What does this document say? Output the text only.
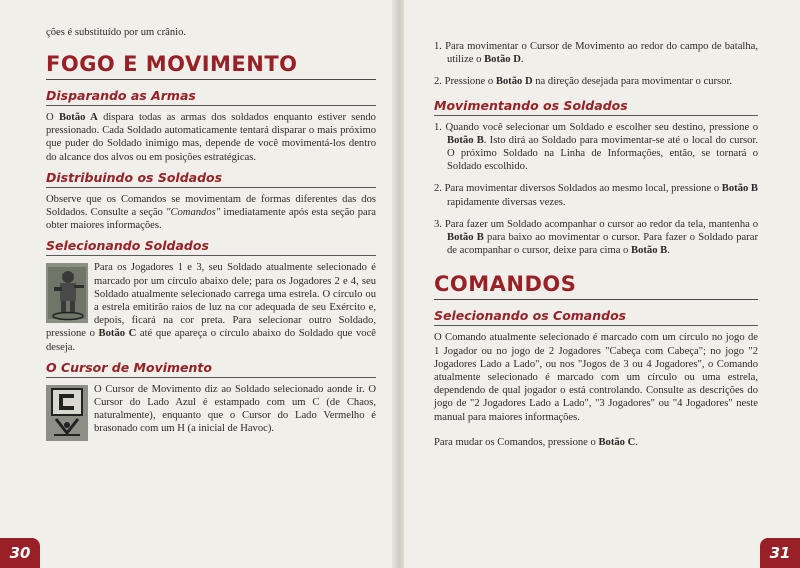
ções é substituído por um crânio.

FOGO E MOVIMENTO
Disparando as Armas

O Botão A dispara todas as armas dos soldados enquanto estiver sendo pressionado. Cada Soldado automaticamente tentará disparar o mais próximo que puder do Soldado inimigo mas, depende de você movimentá-los dentro do alcance dos alvos ou em posições estratégicas.

Distribuindo os Soldados

Observe que os Comandos se movimentam de formas diferentes das dos Soldados. Consulte a seção "Comandos" imediatamente após esta seção para obter maiores informações.

Selecionando Soldados

Para os Jogadores 1 e 3, seu Soldado atualmente selecionado é marcado por um círculo abaixo dele; para os Jogadores 2 e 4, seu Soldado atualmente selecionado carrega uma estrela. O círculo ou a estrela emitirão raios de luz na cor adequada de seu Exército e, depois, ficará na cor preta. Para selecionar outro Soldado, pressione o Botão C até que apareça o círculo abaixo do Soldado que você deseja.

O Cursor de Movimento

O Cursor de Movimento diz ao Soldado selecionado aonde ir. O Cursor do Lado Azul é estampado com um C (de Chaos, naturalmente), enquanto que o Cursor do Lado Vermelho é brasonado com um H (a inicial de Havoc).

30
1. Para movimentar o Cursor de Movimento ao redor do campo de batalha, utilize o Botão D.
2. Pressione o Botão D na direção desejada para movimentar o cursor.
Movimentando os Soldados
1. Quando você selecionar um Soldado e escolher seu destino, pressione o Botão B. Isto dirá ao Soldado para movimentar-se até o local do cursor. O próximo Soldado na Linha de Informações, então, se tornará o Soldado escolhido.
2. Para movimentar diversos Soldados ao mesmo local, pressione o Botão B rapidamente diversas vezes.
3. Para fazer um Soldado acompanhar o cursor ao redor da tela, mantenha o Botão B para baixo ao movimentar o cursor. Para fazer o Soldado parar de acompanhar o cursor, deixe para cima o Botão B.
COMANDOS
Selecionando os Comandos

O Comando atualmente selecionado é marcado com um círculo no jogo de 1 Jogador ou no jogo de 2 Jogadores "Cabeça com Cabeça"; no jogo "2 Jogadores Lado a Lado", ou nos "Jogos de 3 ou 4 Jogadores", o Comando atualmente selecionado é marcado com um círculo ou uma estrela, dependendo de qual jogador o está controlando. Consulte as descrições do jogo de "2 Jogadores Lado a Lado", "3 Jogadores" ou "4 Jogadores" neste manual para maiores informações.

Para mudar os Comandos, pressione o Botão C.

31
